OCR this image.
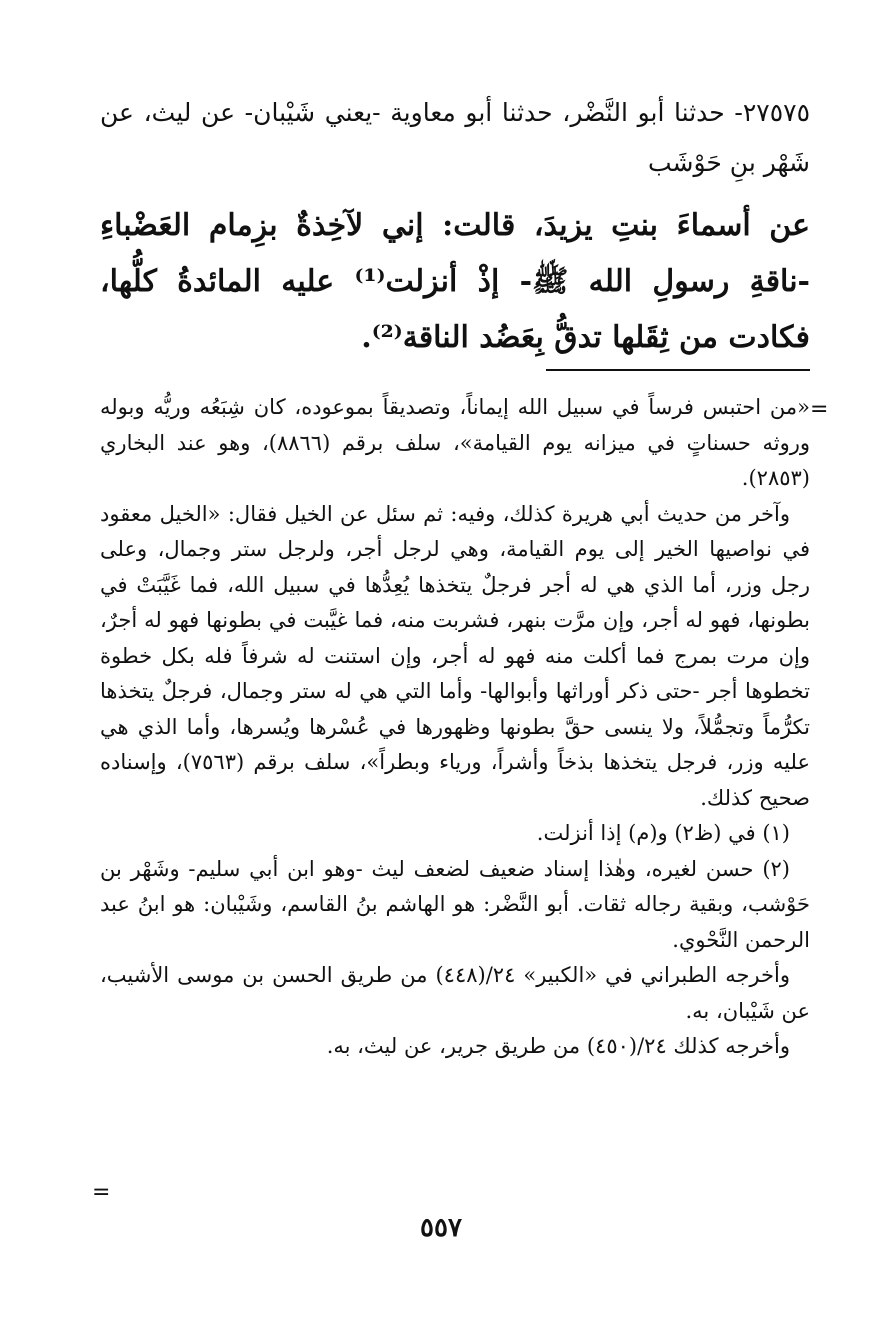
٢٧٥٧٥- حدثنا أبو النَّضْر، حدثنا أبو معاوية -يعني شَيْبان- عن ليث، عن شَهْر بنِ حَوْشَب
عن أسماءَ بنتِ يزيدَ، قالت: إني لآخِذةٌ بزِمام العَضْباءِ -ناقةِ رسولِ الله ﷺ- إذْ أنزلت⁽¹⁾ عليه المائدةُ كلُّها، فكادت من ثِقَلها تدقُّ بِعَضُد الناقة⁽²⁾.
=

«من احتبس فرساً في سبيل الله إيماناً، وتصديقاً بموعوده، كان شِبَعُه وريُّه وبوله وروثه حسناتٍ في ميزانه يوم القيامة»، سلف برقم (٨٨٦٦)، وهو عند البخاري (٢٨٥٣).

وآخر من حديث أبي هريرة كذلك، وفيه: ثم سئل عن الخيل فقال: «الخيل معقود في نواصيها الخير إلى يوم القيامة، وهي لرجل أجر، ولرجل ستر وجمال، وعلى رجل وزر، أما الذي هي له أجر فرجلٌ يتخذها يُعِدُّها في سبيل الله، فما غَيَّبَتْ في بطونها، فهو له أجر، وإن مرَّت بنهر، فشربت منه، فما غيَّبت في بطونها فهو له أجرٌ، وإن مرت بمرج فما أكلت منه فهو له أجر، وإن استنت له شرفاً فله بكل خطوة تخطوها أجر -حتى ذكر أوراثها وأبوالها- وأما التي هي له ستر وجمال، فرجلٌ يتخذها تكرُّماً وتجمُّلاً، ولا ينسى حقَّ بطونها وظهورها في عُسْرها ويُسرها، وأما الذي هي عليه وزر، فرجل يتخذها بذخاً وأشراً، ورياء وبطراً»، سلف برقم (٧٥٦٣)، وإسناده صحيح كذلك.

(١) في (ظ٢) و(م) إذا أنزلت.

(٢) حسن لغيره، وهٰذا إسناد ضعيف لضعف ليث -وهو ابن أبي سليم- وشَهْر بن حَوْشب، وبقية رجاله ثقات. أبو النَّضْر: هو الهاشم بنُ القاسم، وشَيْبان: هو ابنُ عبد الرحمن النَّحْوي.

وأخرجه الطبراني في «الكبير» ٢٤/(٤٤٨) من طريق الحسن بن موسى الأشيب، عن شَيْبان، به.

وأخرجه كذلك ٢٤/(٤٥٠) من طريق جرير، عن ليث، به.

=
٥٥٧
